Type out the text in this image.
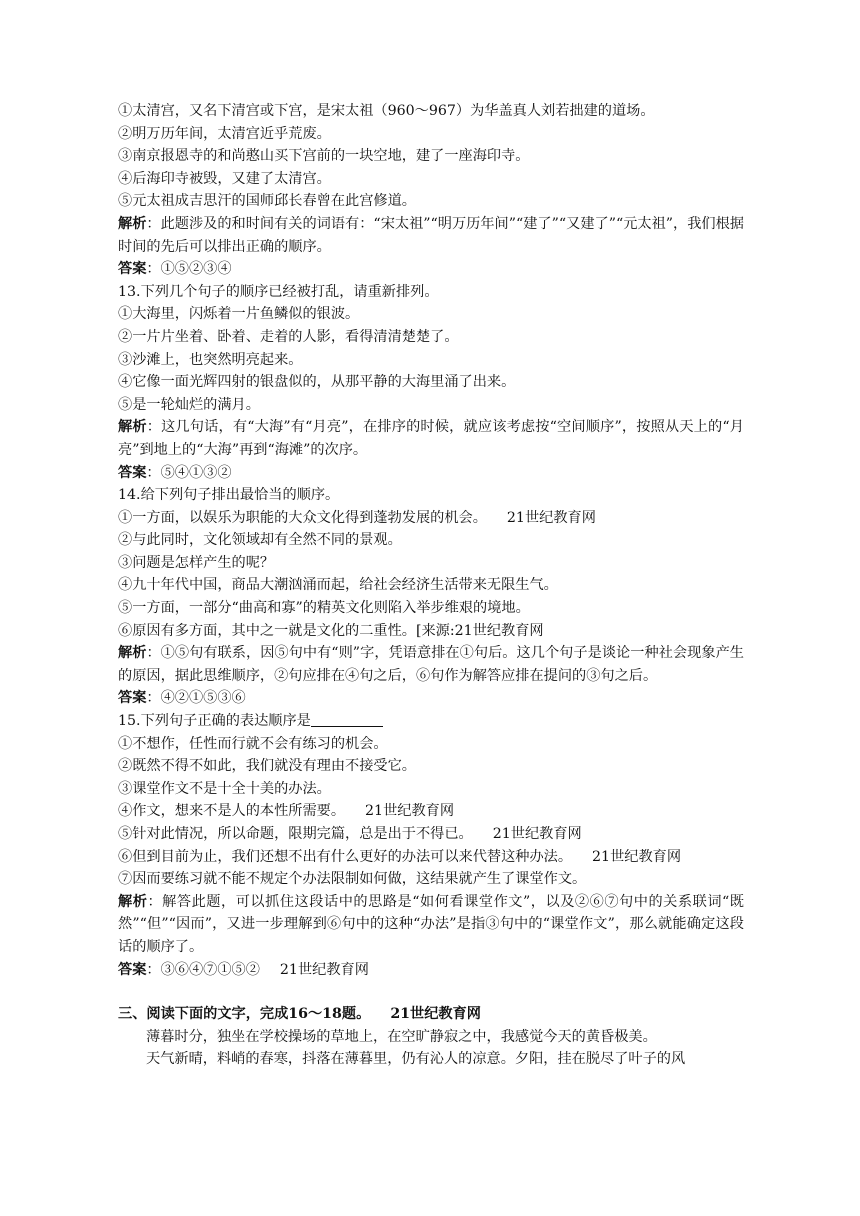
①太清宫，又名下清宫或下宫，是宋太祖（960～967）为华盖真人刘若拙建的道场。
②明万历年间，太清宫近乎荒废。
③南京报恩寺的和尚憨山买下宫前的一块空地，建了一座海印寺。
④后海印寺被毁，又建了太清宫。
⑤元太祖成吉思汗的国师邱长春曾在此宫修道。
解析：此题涉及的和时间有关的词语有：“宋太祖”“明万历年间”“建了”“又建了”“元太祖”，我们根据时间的先后可以排出正确的顺序。
答案：①⑤②③④
13.下列几个句子的顺序已经被打乱，请重新排列。
①大海里，闪烁着一片鱼鳞似的银波。
②一片片坐着、卧着、走着的人影，看得清清楚楚了。
③沙滩上，也突然明亮起来。
④它像一面光辉四射的银盘似的，从那平静的大海里涌了出来。
⑤是一轮灿烂的满月。
解析：这几句话，有“大海”有“月亮”，在排序的时候，就应该考虑按“空间顺序”，按照从天上的“月亮”到地上的“大海”再到“海滩”的次序。
答案：⑤④①③②
14.给下列句子排出最恰当的顺序。
①一方面，以娱乐为职能的大众文化得到蓬勃发展的机会。 21世纪教育网
②与此同时，文化领域却有全然不同的景观。
③问题是怎样产生的呢？
④九十年代中国，商品大潮汹涌而起，给社会经济生活带来无限生气。
⑤一方面，一部分“曲高和寡”的精英文化则陷入举步维艰的境地。
⑥原因有多方面，其中之一就是文化的二重性。[来源:21世纪教育网
解析：①⑤句有联系，因⑤句中有“则”字，凭语意排在①句后。这几个句子是谈论一种社会现象产生的原因，据此思维顺序，②句应排在④句之后，⑥句作为解答应排在提问的③句之后。
答案：④②①⑤③⑥
15.下列句子正确的表达顺序是
①不想作，任性而行就不会有练习的机会。
②既然不得不如此，我们就没有理由不接受它。
③课堂作文不是十全十美的办法。
④作文，想来不是人的本性所需要。 21世纪教育网
⑤针对此情况，所以命题，限期完篇，总是出于不得已。 21世纪教育网
⑥但到目前为止，我们还想不出有什么更好的办法可以来代替这种办法。 21世纪教育网
⑦因而要练习就不能不规定个办法限制如何做，这结果就产生了课堂作文。
解析：解答此题，可以抓住这段话中的思路是“如何看课堂作文”，以及②⑥⑦句中的关系联词“既然”“但”“因而”，又进一步理解到⑥句中的这种“办法”是指③句中的“课堂作文”，那么就能确定这段话的顺序了。
答案：③⑥④⑦①⑤② 21世纪教育网
三、阅读下面的文字，完成16～18题。 21世纪教育网
薄暮时分，独坐在学校操场的草地上，在空旷静寂之中，我感觉今天的黄昏极美。
天气新晴，料峭的春寒，抖落在薄暮里，仍有沁人的凉意。夕阳，挂在脱尽了叶子的风
